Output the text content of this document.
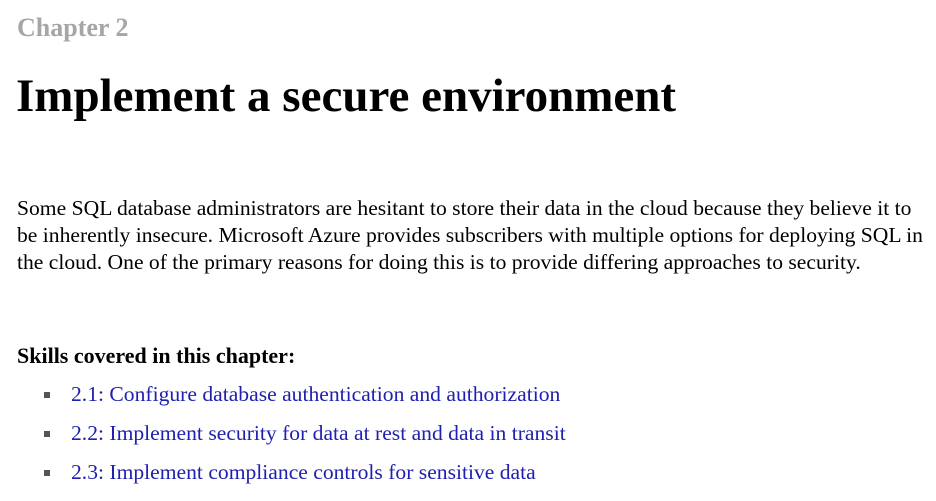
Chapter 2
Implement a secure environment

Some SQL database administrators are hesitant to store their data in the cloud because they believe it to be inherently insecure. Microsoft Azure provides subscribers with multiple options for deploying SQL in the cloud. One of the primary reasons for doing this is to provide differing approaches to security.

Skills covered in this chapter:
2.1: Configure database authentication and authorization
2.2: Implement security for data at rest and data in transit
2.3: Implement compliance controls for sensitive data
